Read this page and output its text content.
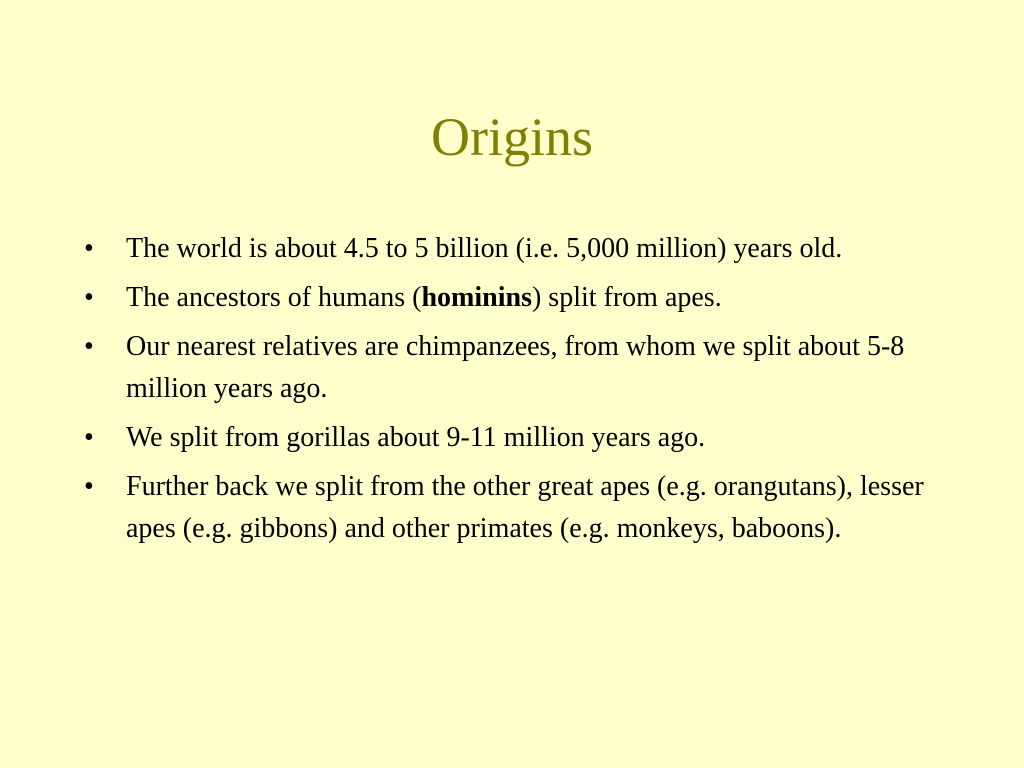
Origins
•	The world is about 4.5 to 5 billion (i.e. 5,000 million) years old.
•	The ancestors of humans (hominins) split from apes.
•	Our nearest relatives are chimpanzees, from whom we split about 5-8 million years ago.
•	We split from gorillas about 9-11 million years ago.
•	Further back we split from the other great apes (e.g. orangutans), lesser apes (e.g. gibbons) and other primates (e.g. monkeys, baboons).
